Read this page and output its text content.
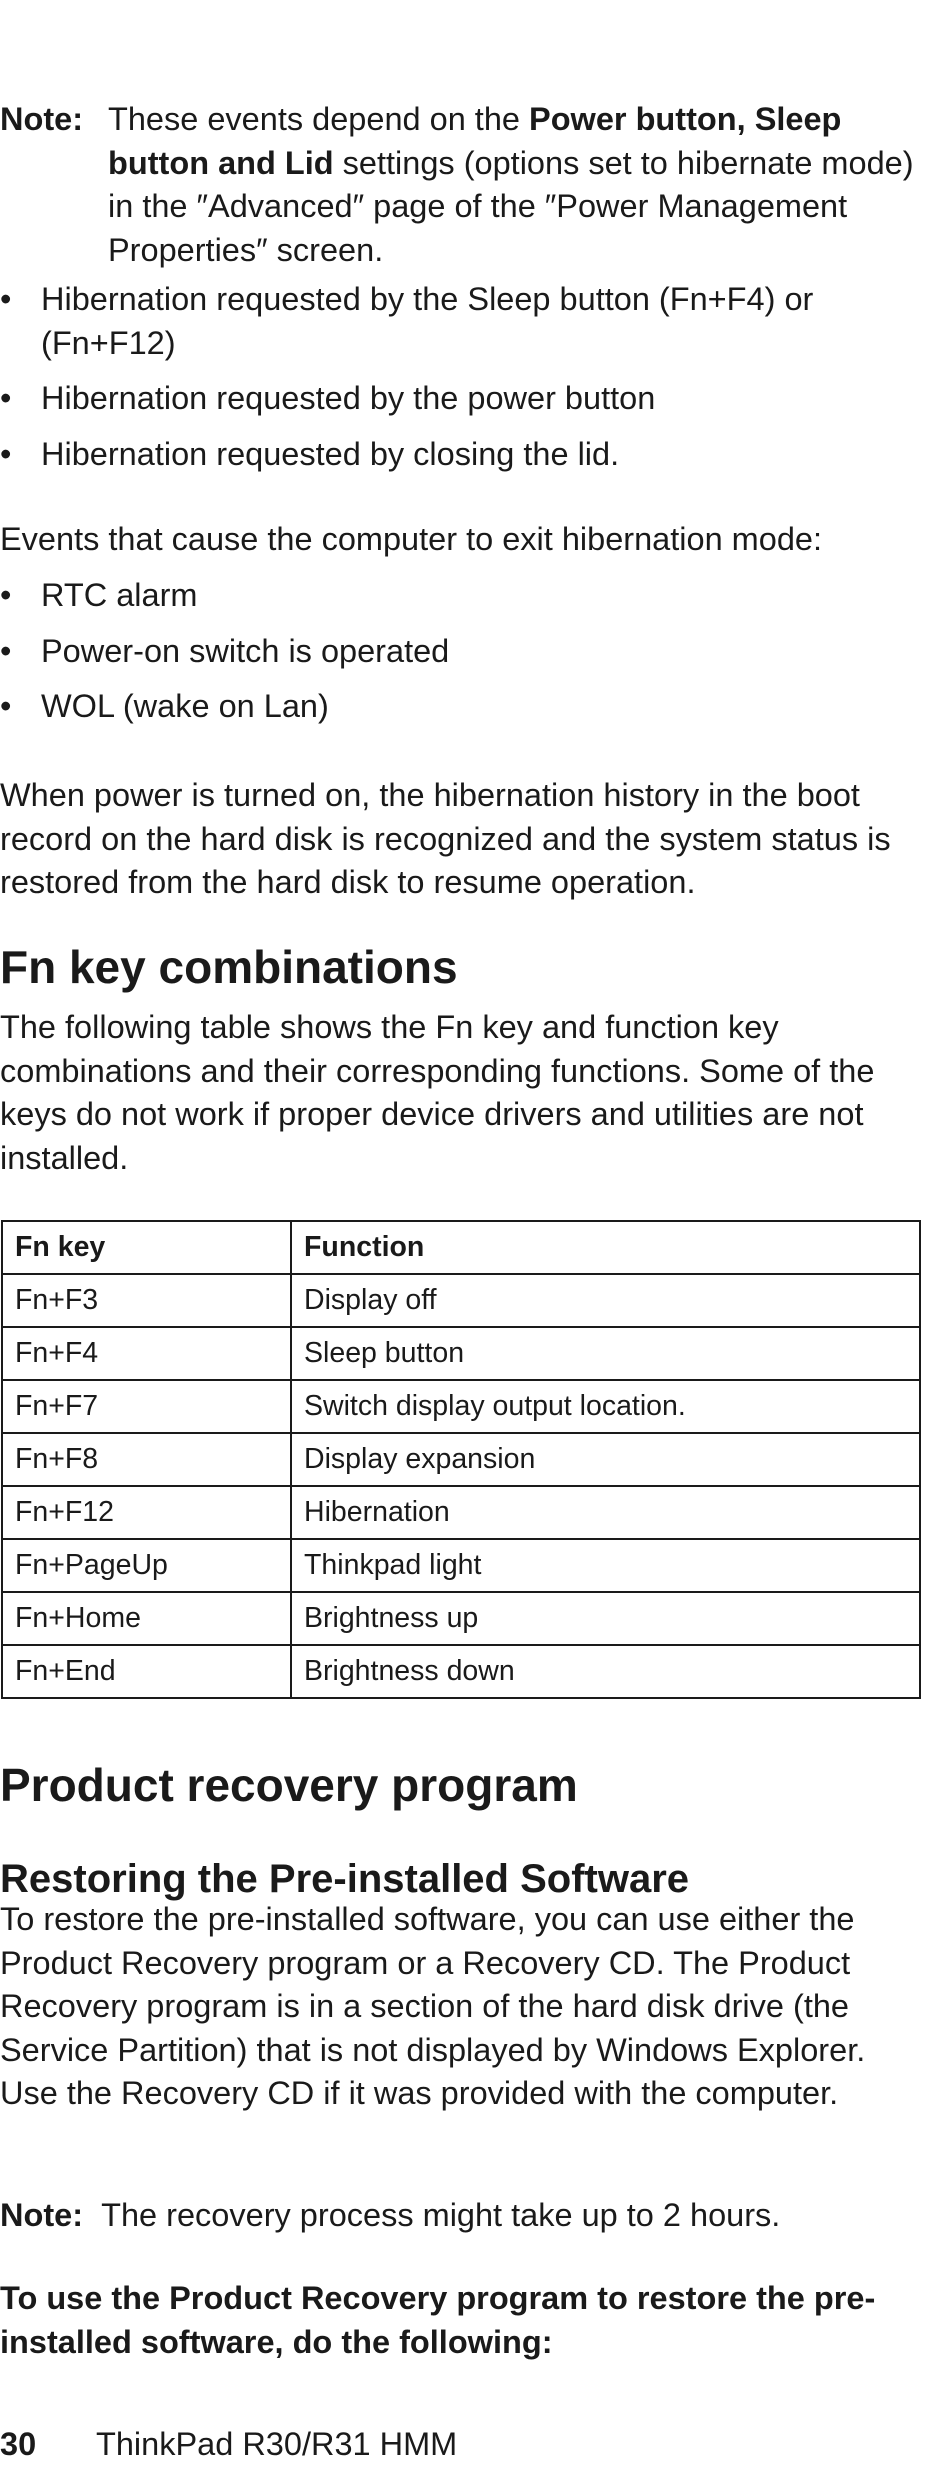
Note: These events depend on the Power button, Sleep button and Lid settings (options set to hibernate mode) in the ″Advanced″ page of the ″Power Management Properties″ screen.
• Hibernation requested by the Sleep button (Fn+F4) or (Fn+F12)
• Hibernation requested by the power button
• Hibernation requested by closing the lid.

Events that cause the computer to exit hibernation mode:

• RTC alarm
• Power-on switch is operated
• WOL (wake on Lan)

When power is turned on, the hibernation history in the boot record on the hard disk is recognized and the system status is restored from the hard disk to resume operation.

Fn key combinations

The following table shows the Fn key and function key combinations and their corresponding functions. Some of the keys do not work if proper device drivers and utilities are not installed.

Fn key	Function
Fn+F3	Display off
Fn+F4	Sleep button
Fn+F7	Switch display output location.
Fn+F8	Display expansion
Fn+F12	Hibernation
Fn+PageUp	Thinkpad light
Fn+Home	Brightness up
Fn+End	Brightness down
Product recovery program
Restoring the Pre-installed Software

To restore the pre-installed software, you can use either the Product Recovery program or a Recovery CD. The Product Recovery program is in a section of the hard disk drive (the Service Partition) that is not displayed by Windows Explorer. Use the Recovery CD if it was provided with the computer.

Note: The recovery process might take up to 2 hours.

To use the Product Recovery program to restore the pre-installed software, do the following:

30 ThinkPad R30/R31 HMM
